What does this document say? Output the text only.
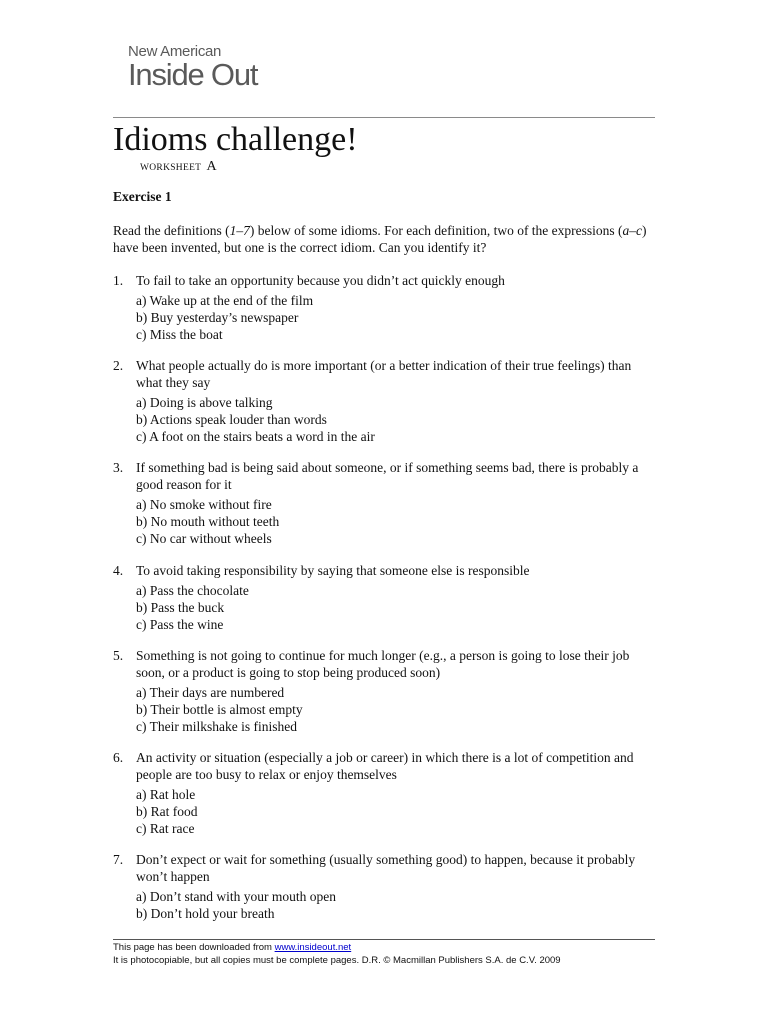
New American
Inside Out
Idioms challenge!
WORKSHEET A
Exercise 1
Read the definitions (1–7) below of some idioms. For each definition, two of the expressions (a–c) have been invented, but one is the correct idiom. Can you identify it?
1. To fail to take an opportunity because you didn’t act quickly enough
a) Wake up at the end of the film
b) Buy yesterday’s newspaper
c) Miss the boat
2. What people actually do is more important (or a better indication of their true feelings) than what they say
a) Doing is above talking
b) Actions speak louder than words
c) A foot on the stairs beats a word in the air
3. If something bad is being said about someone, or if something seems bad, there is probably a good reason for it
a) No smoke without fire
b) No mouth without teeth
c) No car without wheels
4. To avoid taking responsibility by saying that someone else is responsible
a) Pass the chocolate
b) Pass the buck
c) Pass the wine
5. Something is not going to continue for much longer (e.g., a person is going to lose their job soon, or a product is going to stop being produced soon)
a) Their days are numbered
b) Their bottle is almost empty
c) Their milkshake is finished
6. An activity or situation (especially a job or career) in which there is a lot of competition and people are too busy to relax or enjoy themselves
a) Rat hole
b) Rat food
c) Rat race
7. Don’t expect or wait for something (usually something good) to happen, because it probably won’t happen
a) Don’t stand with your mouth open
b) Don’t hold your breath
This page has been downloaded from www.insideout.net
It is photocopiable, but all copies must be complete pages. D.R. © Macmillan Publishers S.A. de C.V. 2009
